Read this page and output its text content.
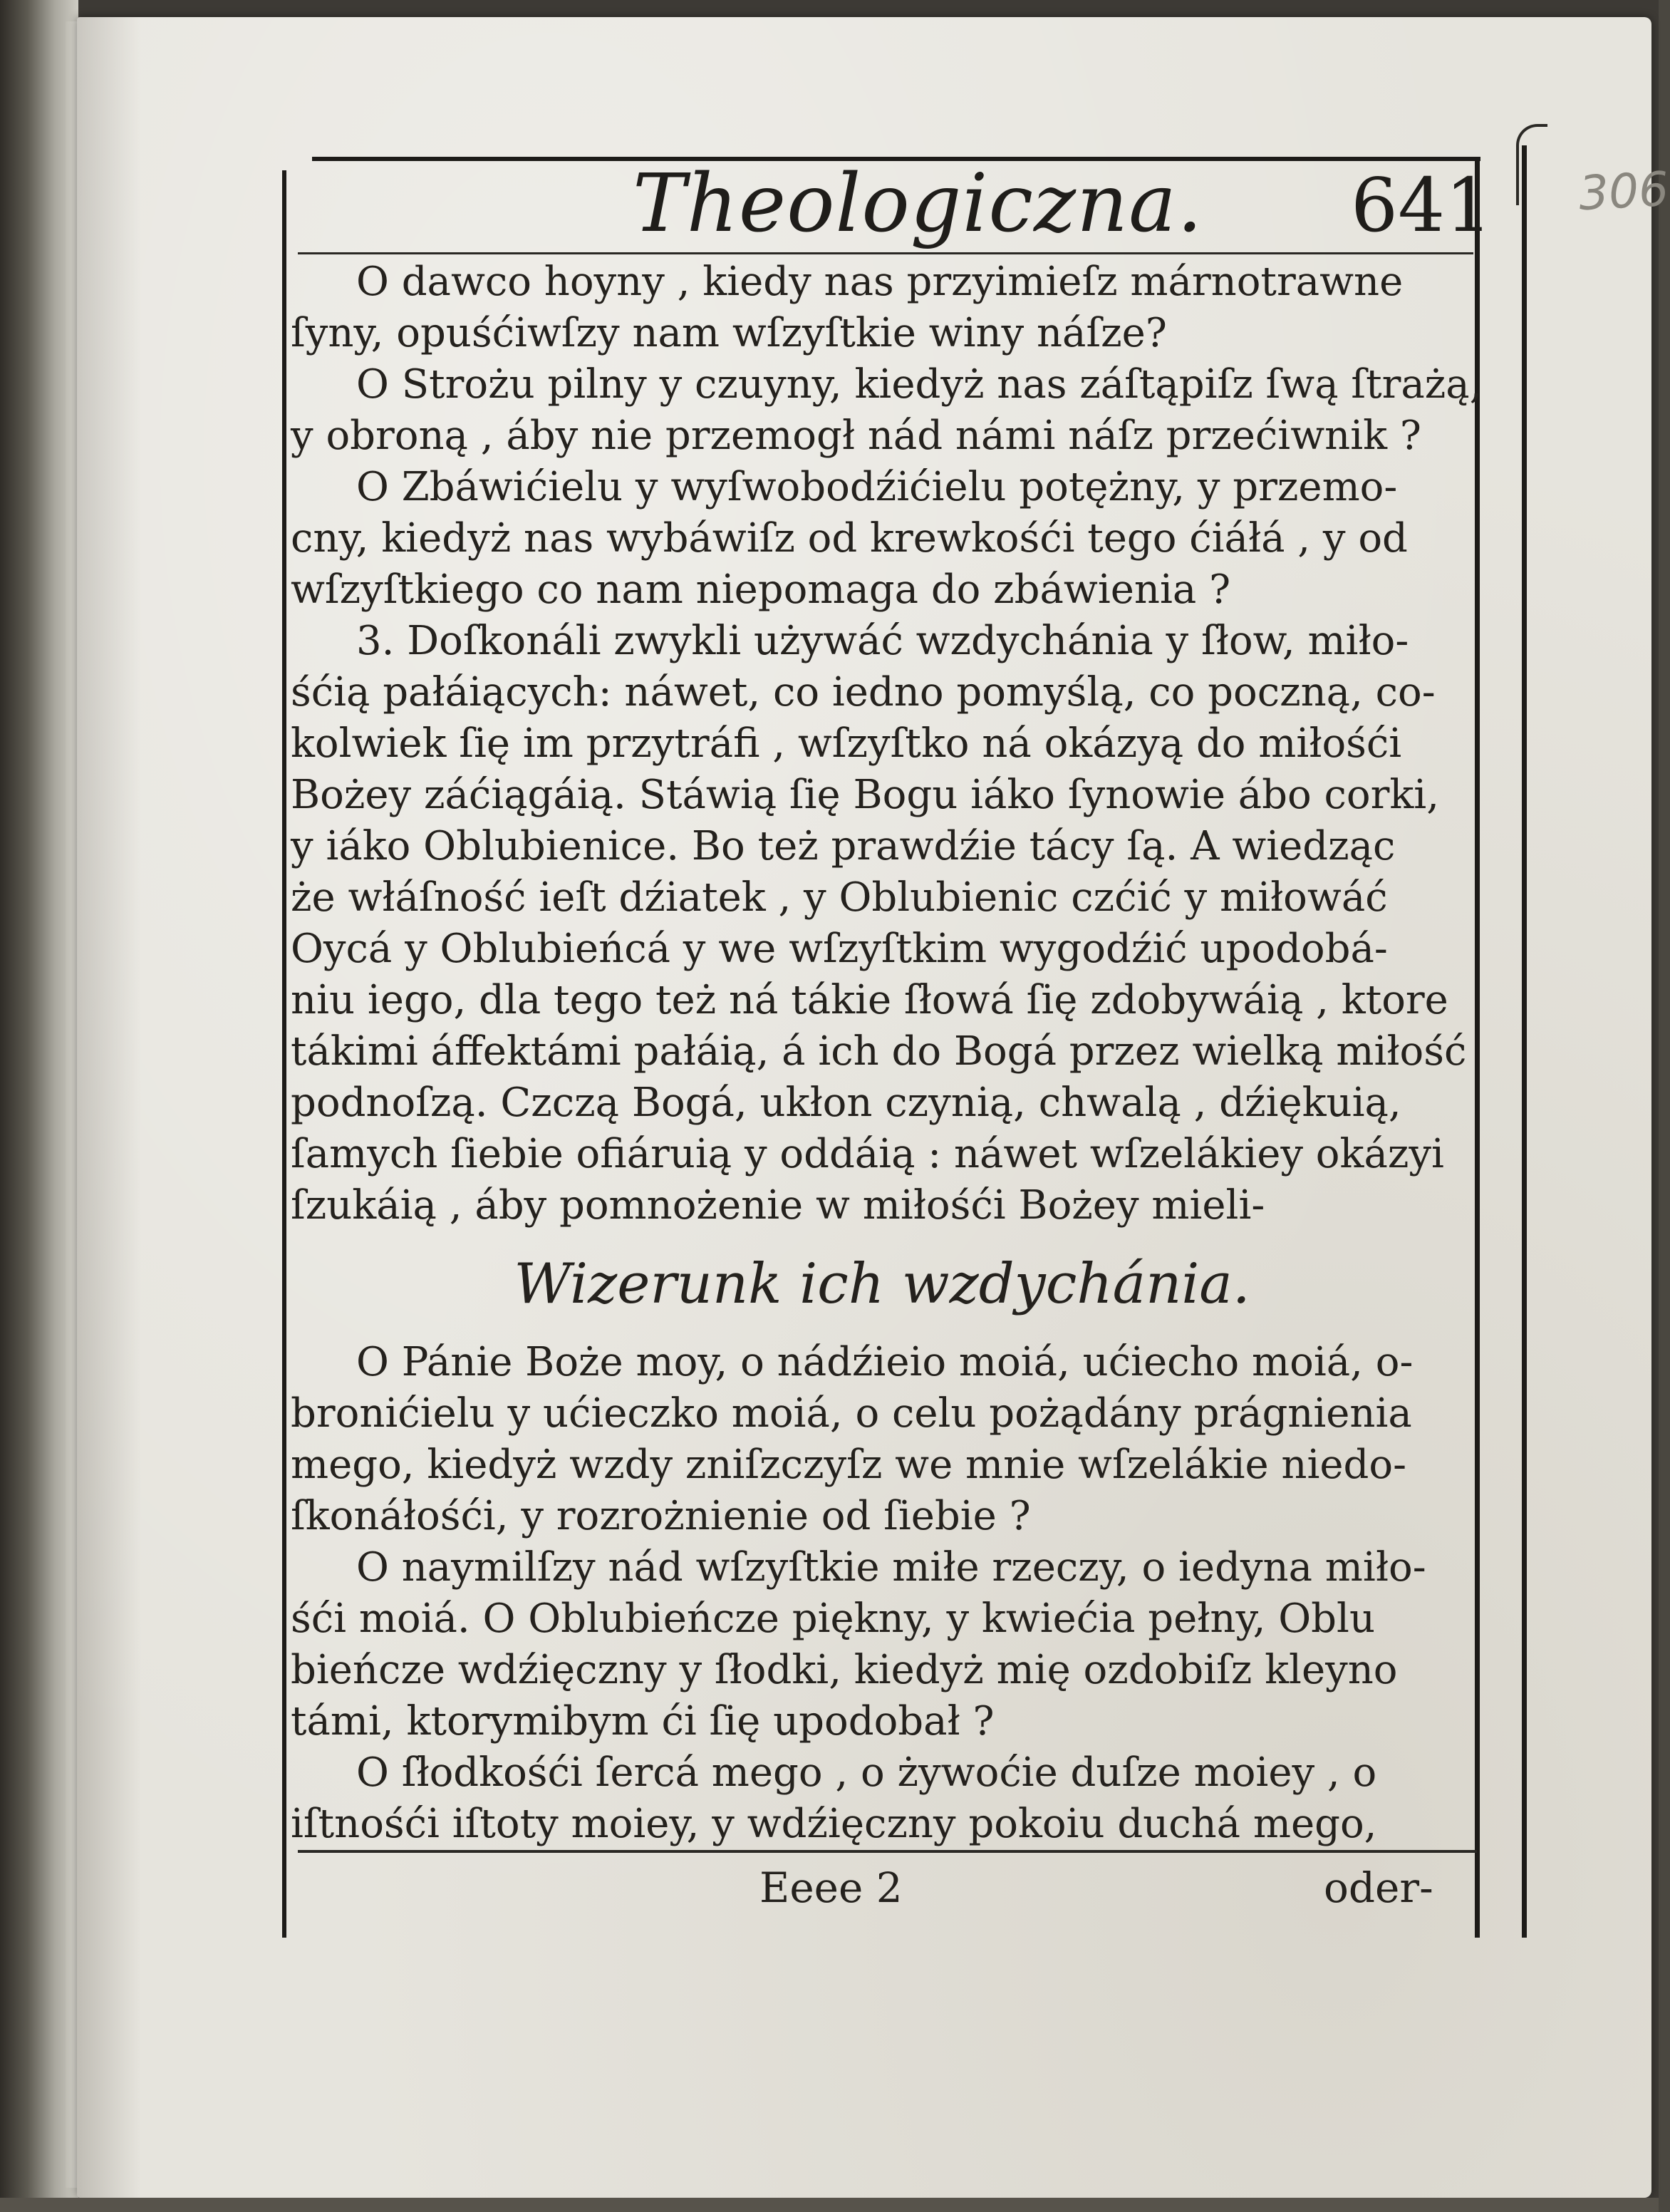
Theologiczna. 641 306
O dawco hoyny , kiedy nas przyimieſz márnotrawne
ſyny, opuśćiwſzy nam wſzyſtkie winy náſze?
O Strożu pilny y czuyny, kiedyż nas záſtąpiſz ſwą ſtrażą,
y obroną , áby nie przemogł nád námi náſz przećiwnik ?
O Zbáwićielu y wyſwobodźićielu potężny, y przemo-
cny, kiedyż nas wybáwiſz od krewkośći tego ćiáłá , y od
wſzyſtkiego co nam niepomaga do zbáwienia ?
3. Doſkonáli zwykli używáć wzdychánia y ſłow, miło-
śćią pałáiących: náwet, co iedno pomyślą, co poczną, co-
kolwiek ſię im przytráfi , wſzyſtko ná okázyą do miłośći
Bożey záćiągáią. Stáwią ſię Bogu iáko ſynowie ábo corki,
y iáko Oblubienice. Bo też prawdźie tácy ſą. A wiedząc
że włáſność ieſt dźiatek , y Oblubienic czćić y miłowáć
Oycá y Oblubieńcá y we wſzyſtkim wygodźić upodobá-
niu iego, dla tego też ná tákie ſłowá ſię zdobywáią , ktore
tákimi áffektámi pałáią, á ich do Bogá przez wielką miłość
podnoſzą. Czczą Bogá, ukłon czynią, chwalą , dźiękuią,
ſamych ſiebie ofiáruią y oddáią : náwet wſzelákiey okázyi
ſzukáią , áby pomnożenie w miłośći Bożey mieli-
Wizerunk ich wzdychánia.
O Pánie Boże moy, o nádźieio moiá, ućiecho moiá, o-
bronićielu y ućieczko moiá, o celu pożądány prágnienia
mego, kiedyż wzdy zniſzczyſz we mnie wſzelákie niedo-
ſkonáłośći, y rozrożnienie od ſiebie ?
O naymilſzy nád wſzyſtkie miłe rzeczy, o iedyna miło-
śći moiá. O Oblubieńcze piękny, y kwiećia pełny, Oblu
bieńcze wdźięczny y ſłodki, kiedyż mię ozdobiſz kleyno
támi, ktorymibym ći ſię upodobał ?
O ſłodkośći ſercá mego , o żywoćie duſze moiey , o
iſtnośći iſtoty moiey, y wdźięczny pokoiu duchá mego,
Eeee 2	oder-
